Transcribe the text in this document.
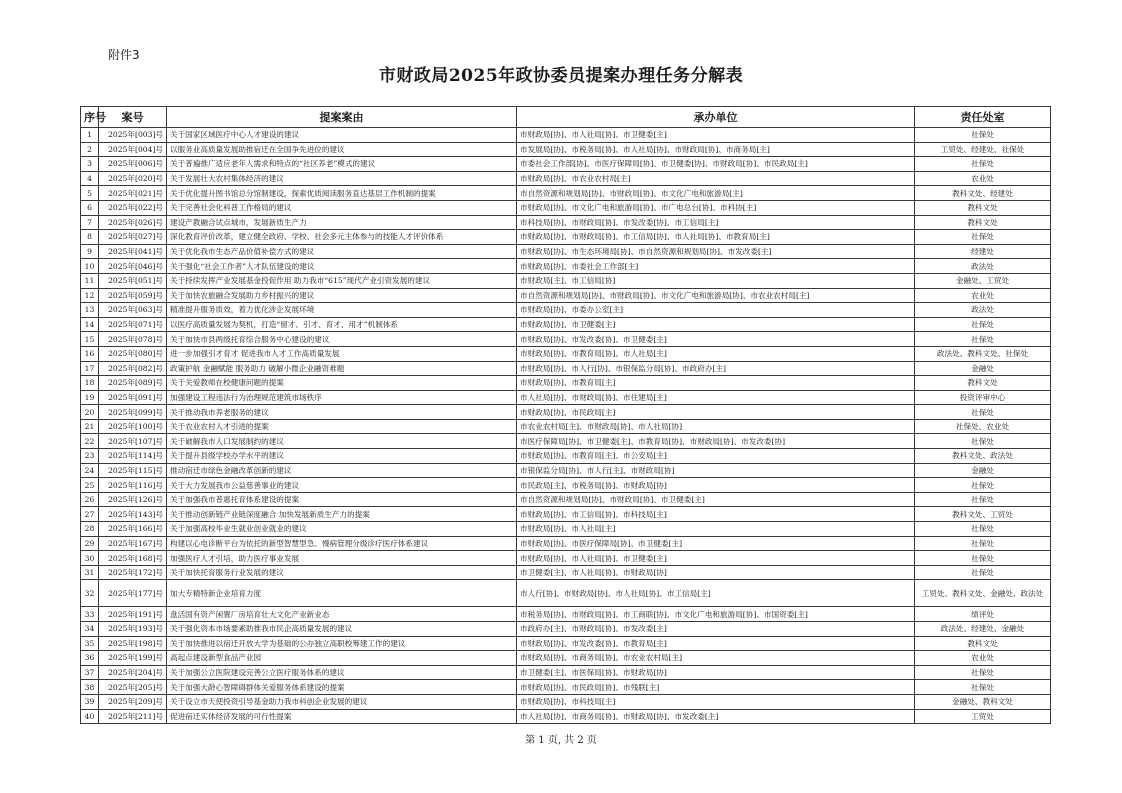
附件3
市财政局2025年政协委员提案办理任务分解表
序号	案号	提案案由	承办单位	责任处室
1	2025年[003]号	关于国家区域医疗中心人才建设的建议	市财政局[协]、市人社局[协]、市卫健委[主]	社保处
2	2025年[004]号	以服务业高质量发展助推宿迁在全国争先进位的建议	市发展局[协]、市税务局[协]、市人社局[协]、市财政局[协]、市商务局[主]	工贸处、经建处、社保处
3	2025年[006]号	关于普遍推广适应老年人需求和特点的“社区养老”模式的建议	市委社会工作部[协]、市医疗保障局[协]、市卫健委[协]、市财政局[协]、市民政局[主]	社保处
4	2025年[020]号	关于发展壮大农村集体经济的建议	市财政局[协]、市农业农村局[主]	农业处
5	2025年[021]号	关于优化提升图书馆总分馆制建设，探索优质阅读服务直达基层工作机制的提案	市自然资源和规划局[协]、市财政局[协]、市文化广电和旅游局[主]	教科文处、经建处
6	2025年[022]号	关于完善社会化科普工作格局的建议	市财政局[协]、市文化广电和旅游局[协]、市广电总台[协]、市科协[主]	教科文处
7	2025年[026]号	建设产教融合试点城市，发展新质生产力	市科技局[协]、市财政局[协]、市发改委[协]、市工信局[主]	教科文处
8	2025年[027]号	深化教育评价改革，建立健全政府、学校、社会多元主体参与的技能人才评价体系	市财政局[协]、市财政局[协]、市工信局[协]、市人社局[协]、市教育局[主]	社保处
9	2025年[041]号	关于优化我市生态产品价值补偿方式的建议	市财政局[协]、市生态环境局[协]、市自然资源和规划局[协]、市发改委[主]	经建处
10	2025年[046]号	关于强化“社会工作者”人才队伍建设的建议	市财政局[协]、市委社会工作部[主]	政法处
11	2025年[051]号	关于持续发挥产业发展基金投促作用 助力我市“615”现代产业引资发展的建议	市财政局[主]、市工信局[协]	金融处、工贸处
12	2025年[059]号	关于加快农旅融合发展助力乡村振兴的建议	市自然资源和规划局[协]、市财政局[协]、市文化广电和旅游局[协]、市农业农村局[主]	农业处
13	2025年[063]号	精准提升服务质效，着力优化涉企发展环境	市财政局[协]、市委办公室[主]	政法处
14	2025年[071]号	以医疗高质量发展为契机，打造“留才、引才、育才、用才”机制体系	市财政局[协]、市卫健委[主]	社保处
15	2025年[078]号	关于加快市县两级托育综合服务中心建设的建议	市财政局[协]、市发改委[协]、市卫健委[主]	社保处
16	2025年[080]号	进一步加强引才育才 促进我市人才工作高质量发展	市财政局[协]、市教育局[协]、市人社局[主]	政法处、教科文处、社保处
17	2025年[082]号	政策护航 金融赋能 服务助力 破解小微企业融资难题	市财政局[协]、市人行[协]、市银保监分局[协]、市政府办[主]	金融处
18	2025年[089]号	关于关爱教师在校健康问题的提案	市财政局[协]、市教育局[主]	教科文处
19	2025年[091]号	加强建设工程违法行为治理规范建筑市场秩序	市人社局[协]、市财政局[协]、市住建局[主]	投资评审中心
20	2025年[099]号	关于推动我市养老服务的建议	市财政局[协]、市民政局[主]	社保处
21	2025年[100]号	关于农业农村人才引进的提案	市农业农村局[主]、市财政局[协]、市人社局[协]	社保处、农业处
22	2025年[107]号	关于破解我市人口发展制约的建议	市医疗保障局[协]、市卫健委[主]、市教育局[协]、市财政局[协]、市发改委[协]	社保处
23	2025年[114]号	关于提升县级学校办学水平的建议	市财政局[协]、市教育局[主]、市公安局[主]	教科文处、政法处
24	2025年[115]号	推动宿迁市绿色金融改革创新的建议	市银保监分局[协]、市人行[主]、市财政局[协]	金融处
25	2025年[116]号	关于大力发展我市公益慈善事业的建议	市民政局[主]、市税务局[协]、市财政局[协]	社保处
26	2025年[126]号	关于加强我市普惠托育体系建设的提案	市自然资源和规划局[协]、市财政局[协]、市卫健委[主]	社保处
27	2025年[143]号	关于推动创新链产业链深度融合 加快发展新质生产力的提案	市财政局[协]、市工信局[协]、市科技局[主]	教科文处、工贸处
28	2025年[166]号	关于加强高校毕业生就业创业就业的建议	市财政局[协]、市人社局[主]	社保处
29	2025年[167]号	构建以心电诊断平台为依托的新型智慧型急、慢病管理分级诊疗医疗体系建议	市财政局[协]、市医疗保障局[协]、市卫健委[主]	社保处
30	2025年[168]号	加强医疗人才引培，助力医疗事业发展	市财政局[协]、市人社局[协]、市卫健委[主]	社保处
31	2025年[172]号	关于加快托育服务行业发展的建议	市卫健委[主]、市人社局[协]、市财政局[协]	社保处
32	2025年[177]号	加大专精特新企业培育力度	市人行[协]、市财政局[协]、市人社局[协]、市工信局[主]	工贸处、教科文处、金融处、政法处
33	2025年[191]号	盘活国有资产闲置厂房培育壮大文化产业新业态	市税务局[协]、市财政局[协]、市工商联[协]、市文化广电和旅游局[协]、市国资委[主]	绩评处
34	2025年[193]号	关于强化资本市场要素助推我市民企高质量发展的建议	市政府办[主]、市财政局[协]、市发改委[主]	政法处、经建处、金融处
35	2025年[198]号	关于加快推进以宿迁开放大学为基础的公办独立高职校筹建工作的建议	市财政局[协]、市发改委[协]、市教育局[主]	教科文处
36	2025年[199]号	高起点建设新型食品产业园	市财政局[协]、市商务局[协]、市农业农村局[主]	农业处
37	2025年[204]号	关于加强公立医院建设完善公立医疗服务体系的建议	市卫健委[主]、市医保局[协]、市财政局[协]	社保处
38	2025年[205]号	关于加强大龄心智障碍群体关爱服务体系建设的提案	市财政局[协]、市民政局[协]、市残联[主]	社保处
39	2025年[209]号	关于设立市天使投资引导基金助力我市科创企业发展的建议	市财政局[协]、市科技局[主]	金融处、教科文处
40	2025年[211]号	促进宿迁实体经济发展的可行性提案	市人社局[协]、市商务局[协]、市财政局[协]、市发改委[主]	工贸处
第 1 页, 共 2 页
